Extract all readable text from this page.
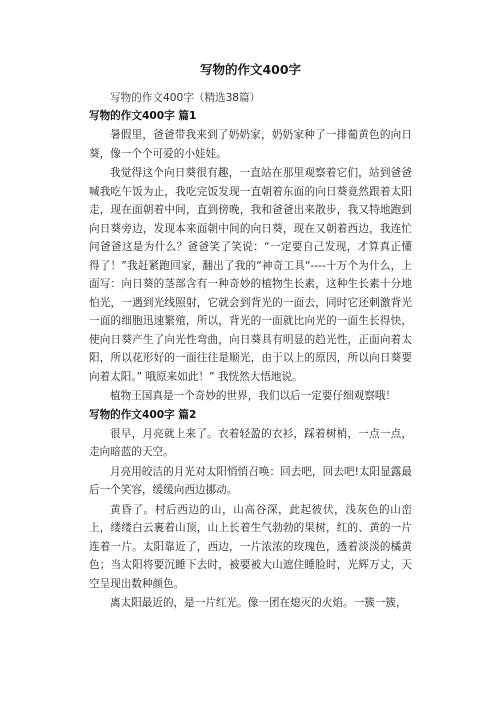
写物的作文400字
写物的作文400字（精选38篇）
写物的作文400字 篇1

暑假里，爸爸带我来到了奶奶家，奶奶家种了一排葡黄色的向日葵，像一个个可爱的小娃娃。

我觉得这个向日葵很有趣，一直站在那里观察着它们，站到爸爸喊我吃午饭为止，我吃完饭发现一直朝着东面的向日葵竟然跟着太阳走，现在面朝着中间，直到傍晚，我和爸爸出来散步，我又特地跑到向日葵旁边，发现本来面朝中间的向日葵，现在又朝着西边，我连忙问爸爸这是为什么？爸爸笑了笑说：“一定要自己发现，才算真正懂得了！”我赶紧跑回家，翻出了我的“神奇工具“----十万个为什么，上面写：向日葵的茎部含有一种奇妙的植物生长素，这种生长素十分地怕光，一遇到光线照射，它就会到背光的一面去，同时它还刺激背光一面的细胞迅速繁殖，所以，背光的一面就比向光的一面生长得快，使向日葵产生了向光性弯曲，向日葵具有明显的趋光性，正面向着太阳，所以花形好的一面往往是顺光，由于以上的原因，所以向日葵要向着太阳。” 哦原来如此！” 我恍然大悟地说。

植物王国真是一个奇妙的世界，我们以后一定要仔细观察哦！

写物的作文400字 篇2

很早，月亮就上来了。衣着轻盈的衣衫，踩着树梢，一点一点，走向暗蓝的天空。

月亮用皎洁的月光对太阳悄悄召唤：回去吧，回去吧!太阳显露最后一个笑容，缓缓向西边挪动。

黄昏了。村后西边的山，山高谷深，此起彼伏，浅灰色的山峦上，缕缕白云裹着山顶，山上长着生气勃勃的果树，红的、黄的一片连着一片。太阳靠近了，西边，一片浓浓的玫瑰色，透着淡淡的橘黄色；当太阳将要沉睡下去时，被要被大山遮住睡脸时，光辉万丈，天空呈现出数种颜色。

离太阳最近的，是一片红光。像一团在熄灭的火焰。一簇一簇，
